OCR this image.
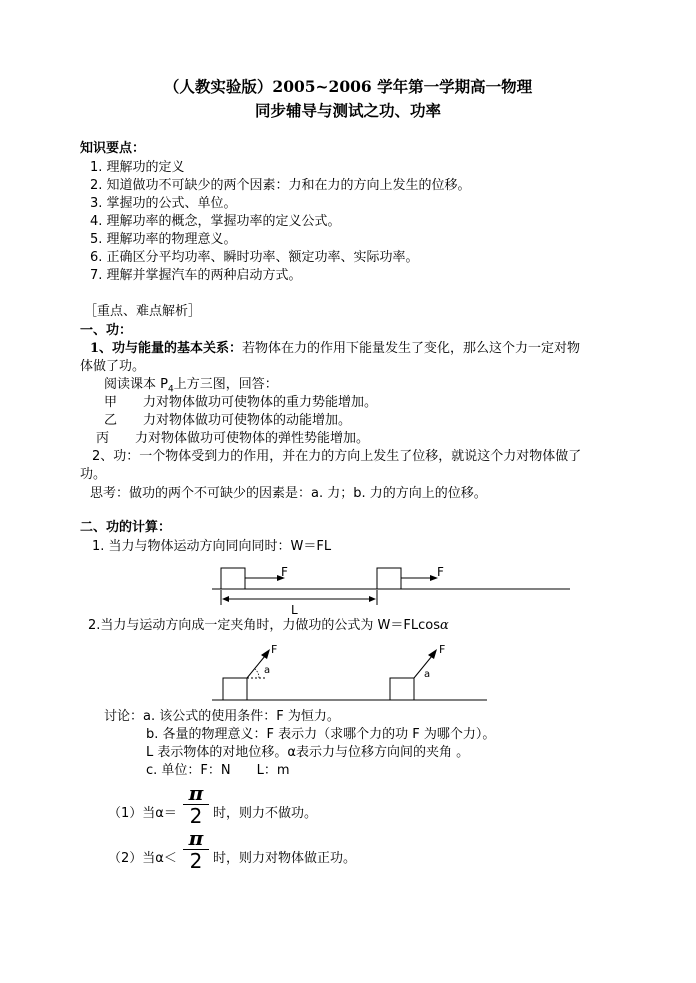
（人教实验版）2005~2006 学年第一学期高一物理
同步辅导与测试之功、功率
知识要点：
1. 理解功的定义
2. 知道做功不可缺少的两个因素：力和在力的方向上发生的位移。
3. 掌握功的公式、单位。
4. 理解功率的概念，掌握功率的定义公式。
5. 理解功率的物理意义。
6. 正确区分平均功率、瞬时功率、额定功率、实际功率。
7. 理解并掌握汽车的两种启动方式。
［重点、难点解析］
一、功：
1、功与能量的基本关系：若物体在力的作用下能量发生了变化，那么这个力一定对物
体做了功。
阅读课本 $P_4$上方三图，回答：
甲　　力对物体做功可使物体的重力势能增加。
乙　　力对物体做功可使物体的动能增加。
丙　　力对物体做功可使物体的弹性势能增加。
2、功：一个物体受到力的作用，并在力的方向上发生了位移，就说这个力对物体做了
功。
思考：做功的两个不可缺少的因素是：a. 力；b. 力的方向上的位移。
二、功的计算：
1. 当力与物体运动方向同向同时：W＝FL
F	F
L
2.当力与运动方向成一定夹角时，力做功的公式为 W＝FLcosα
F
a
F
a
讨论：a. 该公式的使用条件：F 为恒力。
b. 各量的物理意义：F 表示力（求哪个力的功 F 为哪个力）。
L 表示物体的对地位移。α表示力与位移方向间的夹角 。
c. 单位：F：N　　L：m
（1）当α＝
π
2 时，则力不做功。
（2）当α＜
π
2 时，则力对物体做正功。
